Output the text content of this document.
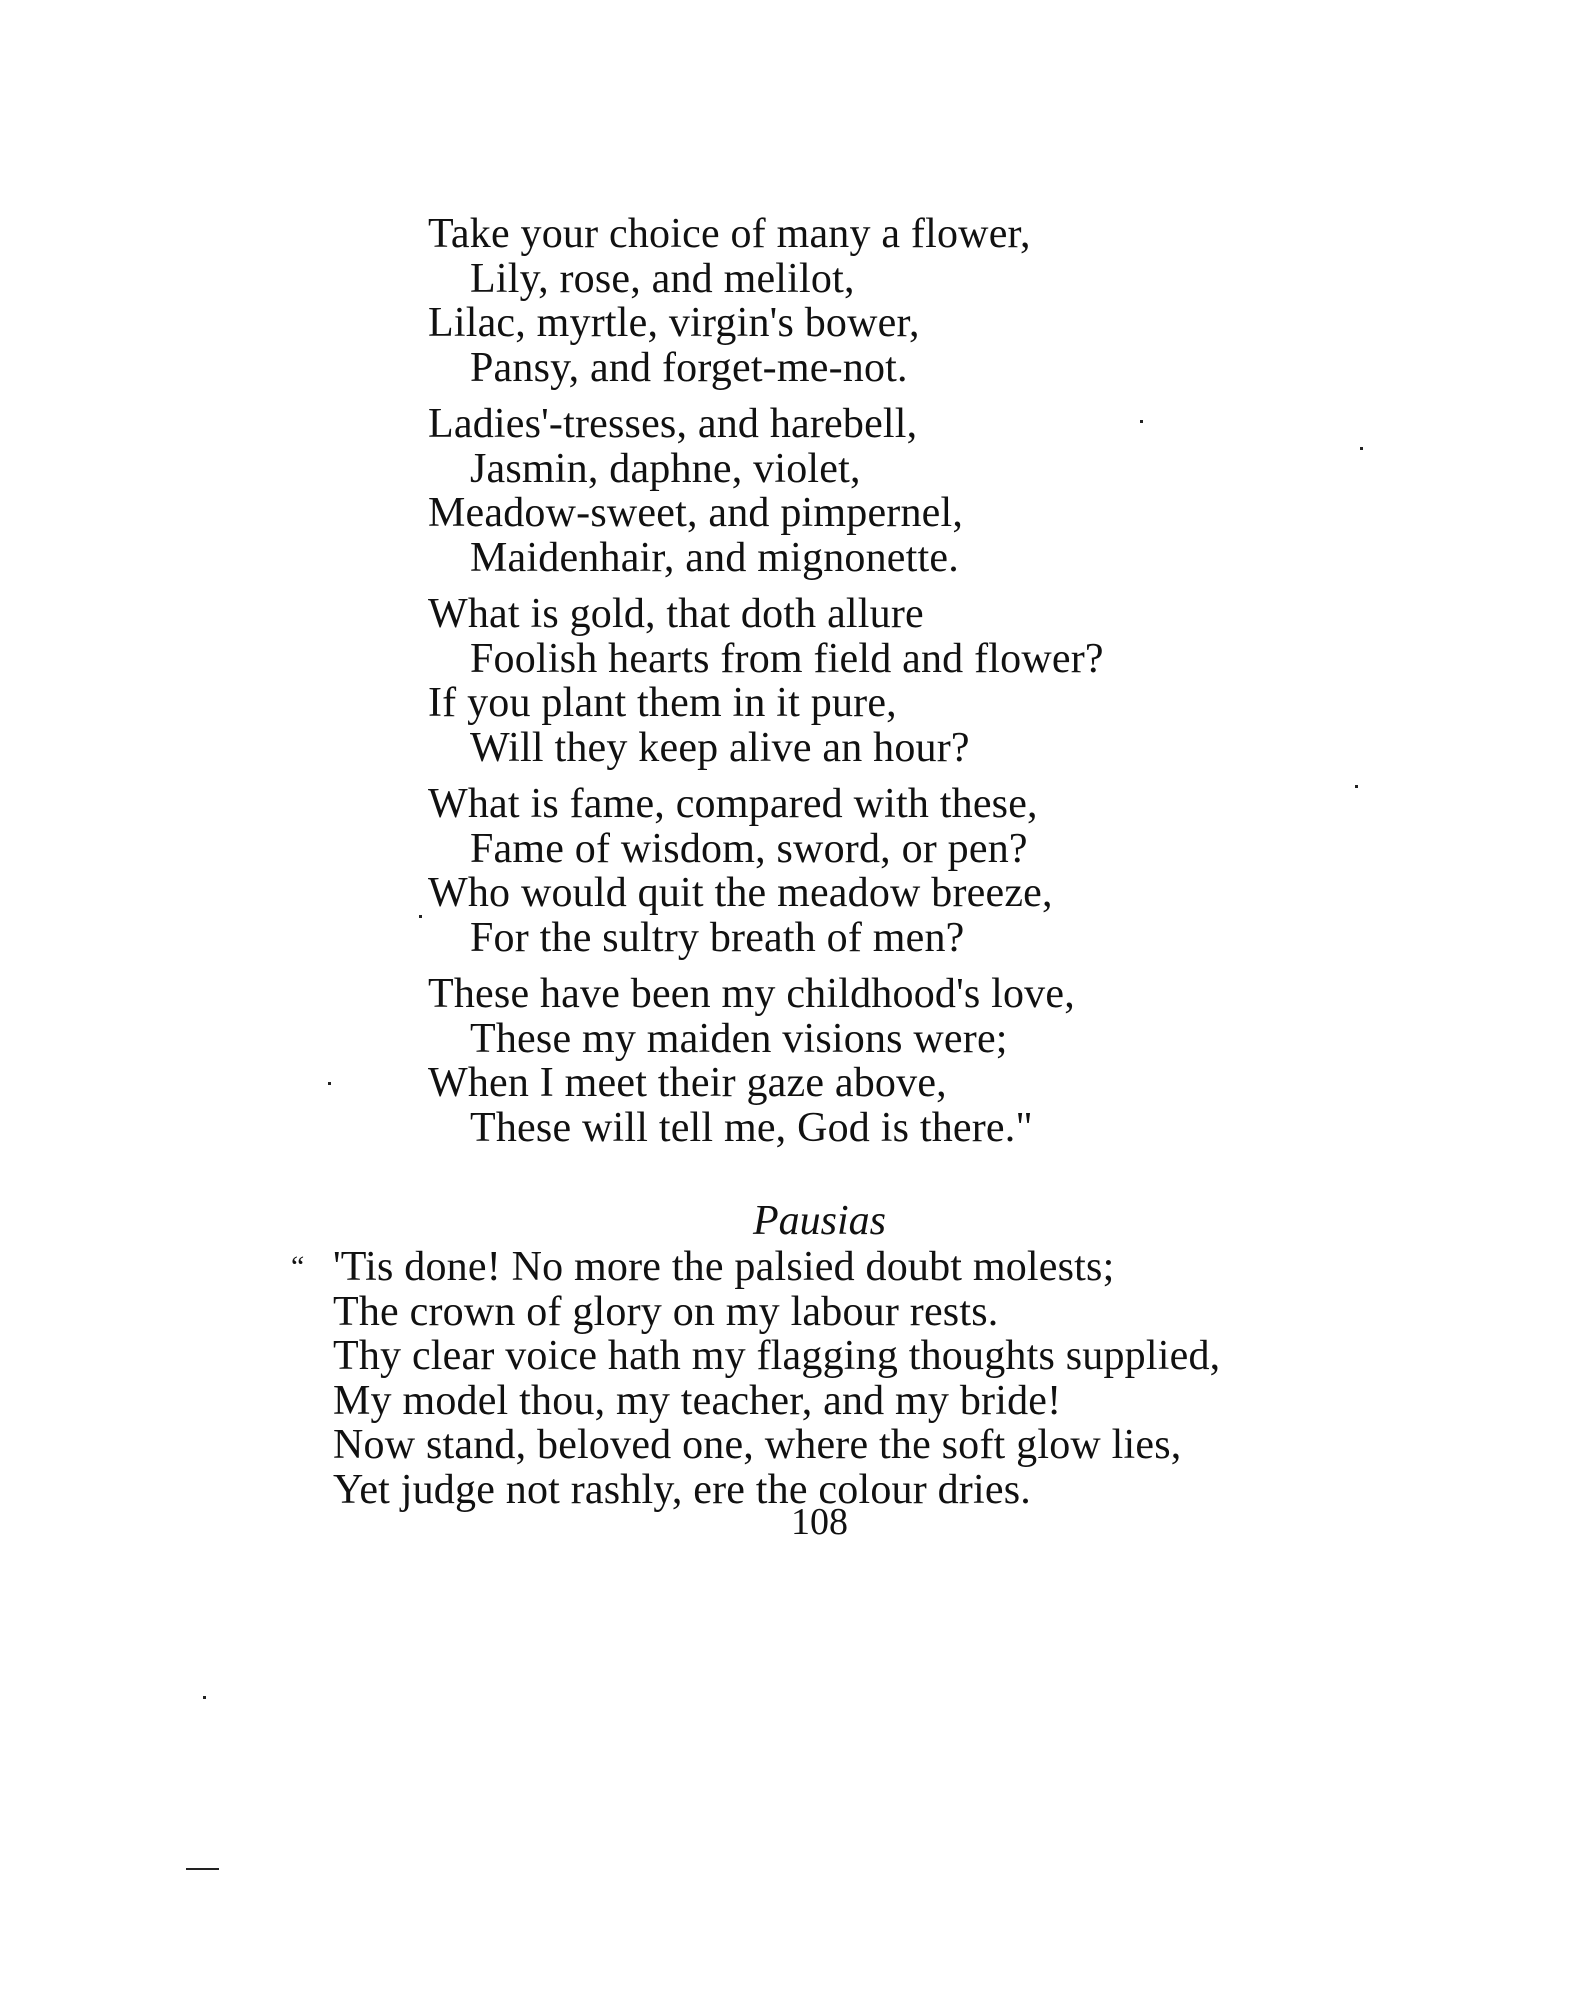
Take your choice of many a flower,
Lily, rose, and melilot,
Lilac, myrtle, virgin's bower,
Pansy, and forget-me-not.
Ladies'-tresses, and harebell,
Jasmin, daphne, violet,
Meadow-sweet, and pimpernel,
Maidenhair, and mignonette.
What is gold, that doth allure
Foolish hearts from field and flower?
If you plant them in it pure,
Will they keep alive an hour?
What is fame, compared with these,
Fame of wisdom, sword, or pen?
Who would quit the meadow breeze,
For the sultry breath of men?
These have been my childhood's love,
These my maiden visions were;
When I meet their gaze above,
These will tell me, God is there."
Pausias
“ 'Tis done! No more the palsied doubt molests;
The crown of glory on my labour rests.
Thy clear voice hath my flagging thoughts supplied,
My model thou, my teacher, and my bride!
Now stand, beloved one, where the soft glow lies,
Yet judge not rashly, ere the colour dries.
108
